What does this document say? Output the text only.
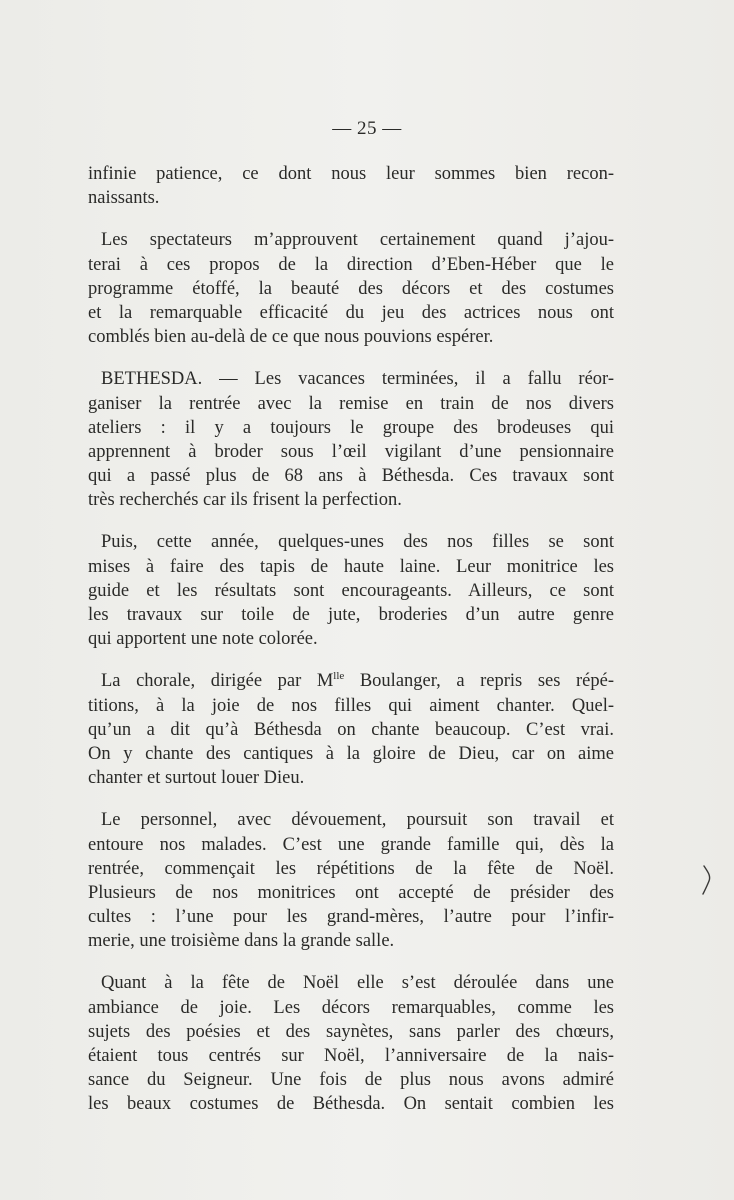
— 25 —

infinie patience, ce dont nous leur sommes bien recon-
naissants.

Les spectateurs m’approuvent certainement quand j’ajou-
terai à ces propos de la direction d’Eben-Héber que le
programme étoffé, la beauté des décors et des costumes
et la remarquable efficacité du jeu des actrices nous ont
comblés bien au-delà de ce que nous pouvions espérer.

BETHESDA. — Les vacances terminées, il a fallu réor-
ganiser la rentrée avec la remise en train de nos divers
ateliers : il y a toujours le groupe des brodeuses qui
apprennent à broder sous l’œil vigilant d’une pensionnaire
qui a passé plus de 68 ans à Béthesda. Ces travaux sont
très recherchés car ils frisent la perfection.

Puis, cette année, quelques-unes des nos filles se sont
mises à faire des tapis de haute laine. Leur monitrice les
guide et les résultats sont encourageants. Ailleurs, ce sont
les travaux sur toile de jute, broderies d’un autre genre
qui apportent une note colorée.

La chorale, dirigée par $M^{lle}$ Boulanger, a repris ses répé-
titions, à la joie de nos filles qui aiment chanter. Quel-
qu’un a dit qu’à Béthesda on chante beaucoup. C’est vrai.
On y chante des cantiques à la gloire de Dieu, car on aime
chanter et surtout louer Dieu.

Le personnel, avec dévouement, poursuit son travail et
entoure nos malades. C’est une grande famille qui, dès la
rentrée, commençait les répétitions de la fête de Noël.
Plusieurs de nos monitrices ont accepté de présider des
cultes : l’une pour les grand-mères, l’autre pour l’infir-
merie, une troisième dans la grande salle.

Quant à la fête de Noël elle s’est déroulée dans une
ambiance de joie. Les décors remarquables, comme les
sujets des poésies et des saynètes, sans parler des chœurs,
étaient tous centrés sur Noël, l’anniversaire de la nais-
sance du Seigneur. Une fois de plus nous avons admiré
les beaux costumes de Béthesda. On sentait combien les
